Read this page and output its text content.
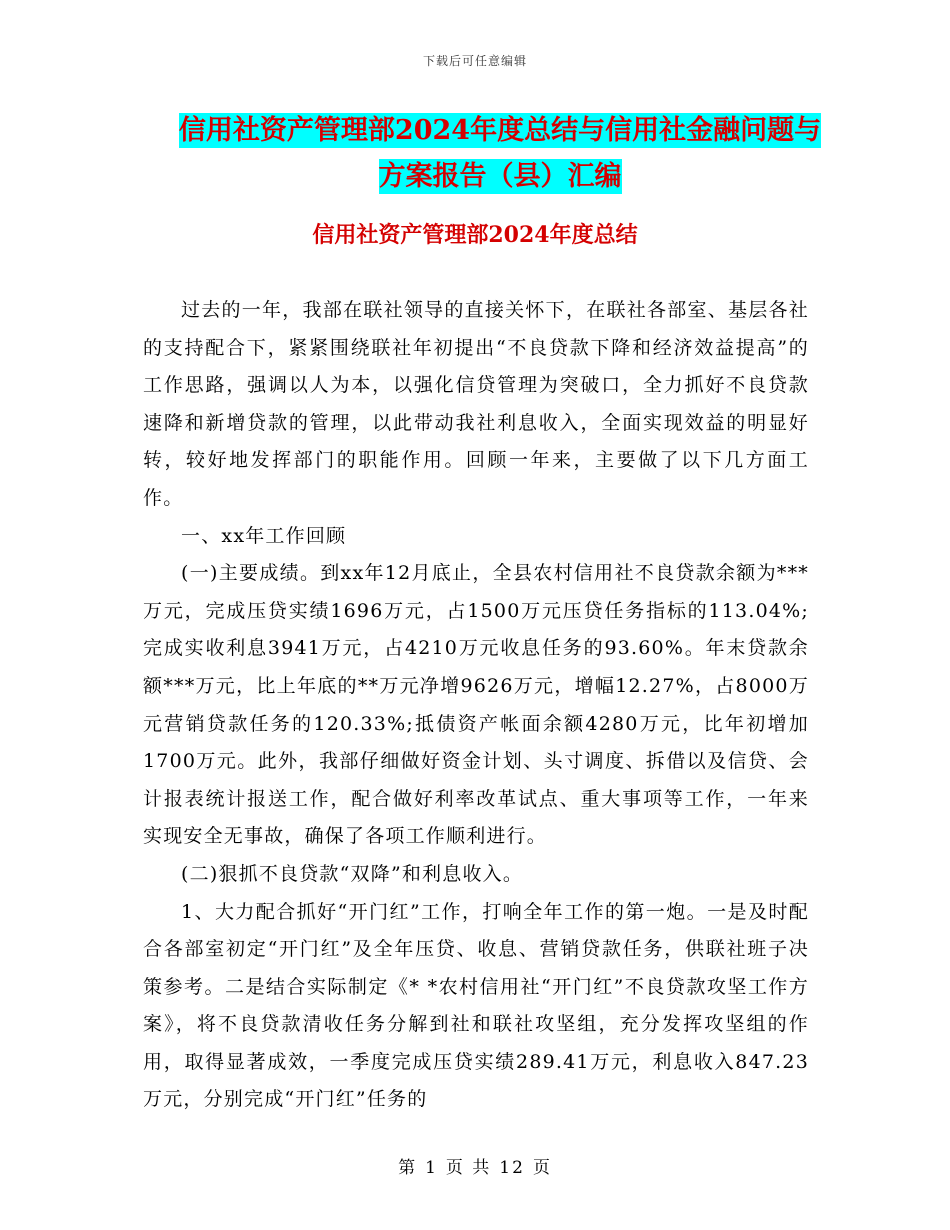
下载后可任意编辑
信用社资产管理部2024年度总结与信用社金融问题与
方案报告（县）汇编
信用社资产管理部2024年度总结

过去的一年，我部在联社领导的直接关怀下，在联社各部室、基层各社的支持配合下，紧紧围绕联社年初提出“不良贷款下降和经济效益提高”的工作思路，强调以人为本，以强化信贷管理为突破口，全力抓好不良贷款速降和新增贷款的管理，以此带动我社利息收入，全面实现效益的明显好转，较好地发挥部门的职能作用。回顾一年来，主要做了以下几方面工作。

一、xx年工作回顾

(一)主要成绩。到xx年12月底止，全县农村信用社不良贷款余额为***万元，完成压贷实绩1696万元，占1500万元压贷任务指标的113.04%;完成实收利息3941万元，占4210万元收息任务的93.60%。年末贷款余额***万元，比上年底的**万元净增9626万元，增幅12.27%，占8000万元营销贷款任务的120.33%;抵债资产帐面余额4280万元，比年初增加1700万元。此外，我部仔细做好资金计划、头寸调度、拆借以及信贷、会计报表统计报送工作，配合做好利率改革试点、重大事项等工作，一年来实现安全无事故，确保了各项工作顺利进行。

(二)狠抓不良贷款“双降”和利息收入。

1、大力配合抓好“开门红”工作，打响全年工作的第一炮。一是及时配合各部室初定“开门红”及全年压贷、收息、营销贷款任务，供联社班子决策参考。二是结合实际制定《* *农村信用社“开门红”不良贷款攻坚工作方案》，将不良贷款清收任务分解到社和联社攻坚组，充分发挥攻坚组的作用，取得显著成效，一季度完成压贷实绩289.41万元，利息收入847.23万元，分别完成“开门红”任务的

第 1 页 共 12 页
